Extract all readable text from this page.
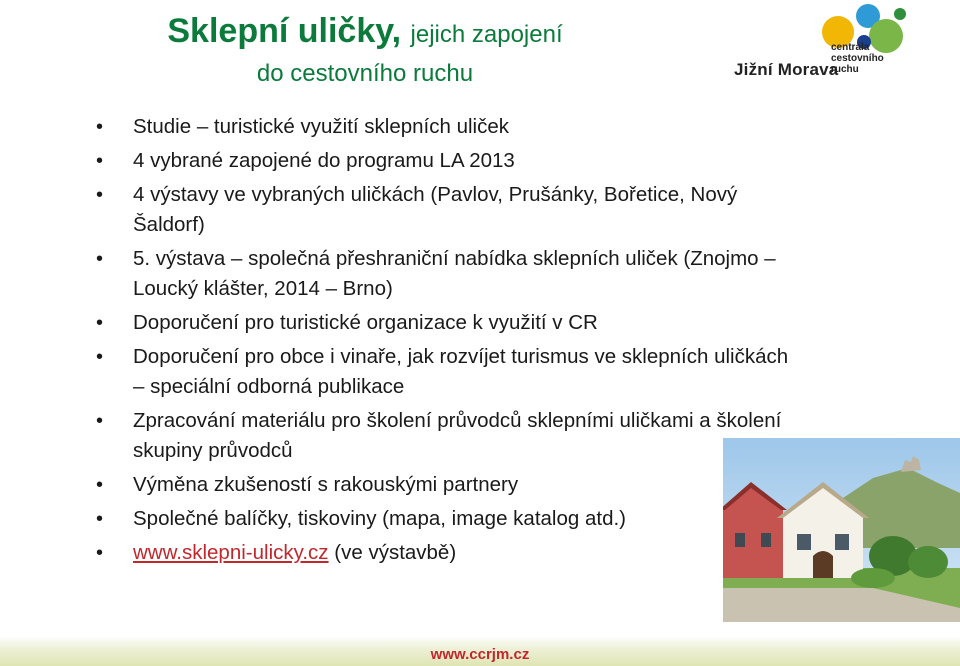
Sklepní uličky, jejich zapojení
do cestovního ruchu
centrála
cestovního ruchu
Jižní Morava
• Studie – turistické využití sklepních uliček
• 4 vybrané zapojené do programu LA 2013
• 4 výstavy ve vybraných uličkách (Pavlov, Prušánky, Bořetice, Nový Šaldorf)
• 5. výstava – společná přeshraniční nabídka sklepních uliček (Znojmo – Loucký klášter, 2014 – Brno)
• Doporučení pro turistické organizace k využití v CR
• Doporučení pro obce i vinaře, jak rozvíjet turismus ve sklepních uličkách – speciální odborná publikace
• Zpracování materiálu pro školení průvodců sklepními uličkami a školení skupiny průvodců
• Výměna zkušeností s rakouskými partnery
• Společné balíčky, tiskoviny (mapa, image katalog atd.)
• www.sklepni-ulicky.cz (ve výstavbě)
www.ccrjm.cz
